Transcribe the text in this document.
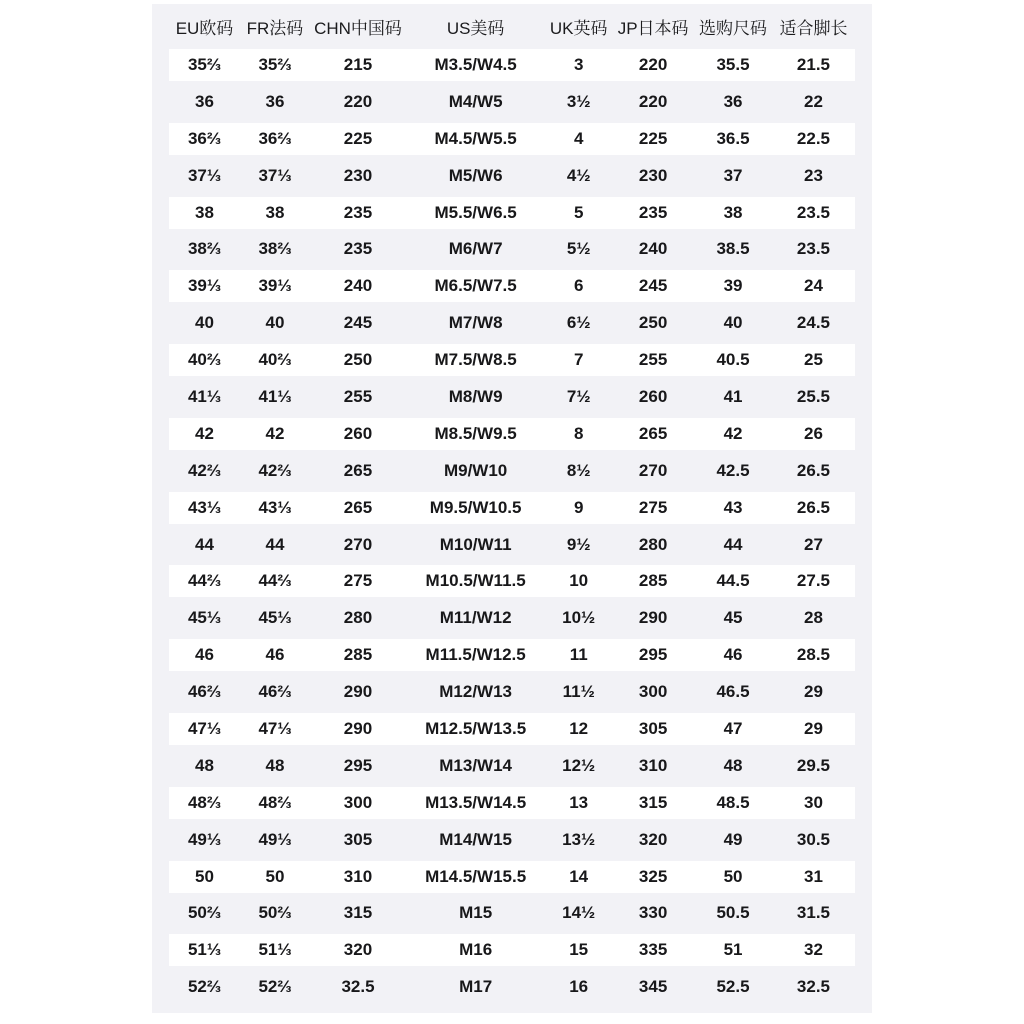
EU欧码 FR法码 CHN中国码	US美码	UK英码 JP日本码 选购尺码 适合脚长
35⅔	35⅔	215	M3.5/W4.5	3	220	35.5	21.5
36	36	220	M4/W5	3½	220	36	22
36⅔	36⅔	225	M4.5/W5.5	4	225	36.5	22.5
37⅓	37⅓	230	M5/W6	4½	230	37	23
38	38	235	M5.5/W6.5	5	235	38	23.5
38⅔	38⅔	235	M6/W7	5½	240	38.5	23.5
39⅓	39⅓	240	M6.5/W7.5	6	245	39	24
40	40	245	M7/W8	6½	250	40	24.5
40⅔	40⅔	250	M7.5/W8.5	7	255	40.5	25
41⅓	41⅓	255	M8/W9	7½	260	41	25.5
42	42	260	M8.5/W9.5	8	265	42	26
42⅔	42⅔	265	M9/W10	8½	270	42.5	26.5
43⅓	43⅓	265	M9.5/W10.5	9	275	43	26.5
44	44	270	M10/W11	9½	280	44	27
44⅔	44⅔	275	M10.5/W11.5	10	285	44.5	27.5
45⅓	45⅓	280	M11/W12	10½	290	45	28
46	46	285	M11.5/W12.5	11	295	46	28.5
46⅔	46⅔	290	M12/W13	11½	300	46.5	29
47⅓	47⅓	290	M12.5/W13.5	12	305	47	29
48	48	295	M13/W14	12½	310	48	29.5
48⅔	48⅔	300	M13.5/W14.5	13	315	48.5	30
49⅓	49⅓	305	M14/W15	13½	320	49	30.5
50	50	310	M14.5/W15.5	14	325	50	31
50⅔	50⅔	315	M15	14½	330	50.5	31.5
51⅓	51⅓	320	M16	15	335	51	32
52⅔	52⅔	32.5	M17	16	345	52.5	32.5
